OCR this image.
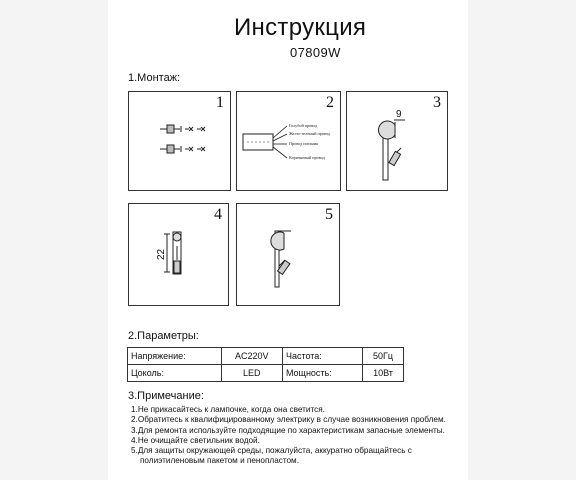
Инструкция
07809W
1.Монтаж:
1	2
Голубой провод
Желто-зеленый провод
Провод питания
Коричневый провод
3
9
4
22
5
2.Параметры:
Напряжение:	AC220V	Частота:	50Гц
Цоколь:	LED	Мощность:	10Вт
3.Примечание:
1.Не прикасайтесь к лампочке, когда она светится.
2.Обратитесь к квалифицированному электрику в случае возникновения проблем.
3.Для ремонта используйте подходящие по характеристикам запасные элементы.
4.Не очищайте светильник водой.
5.Для защиты окружающей среды, пожалуйста, аккуратно обращайтесь с
полиэтиленовым пакетом и пенопластом.
